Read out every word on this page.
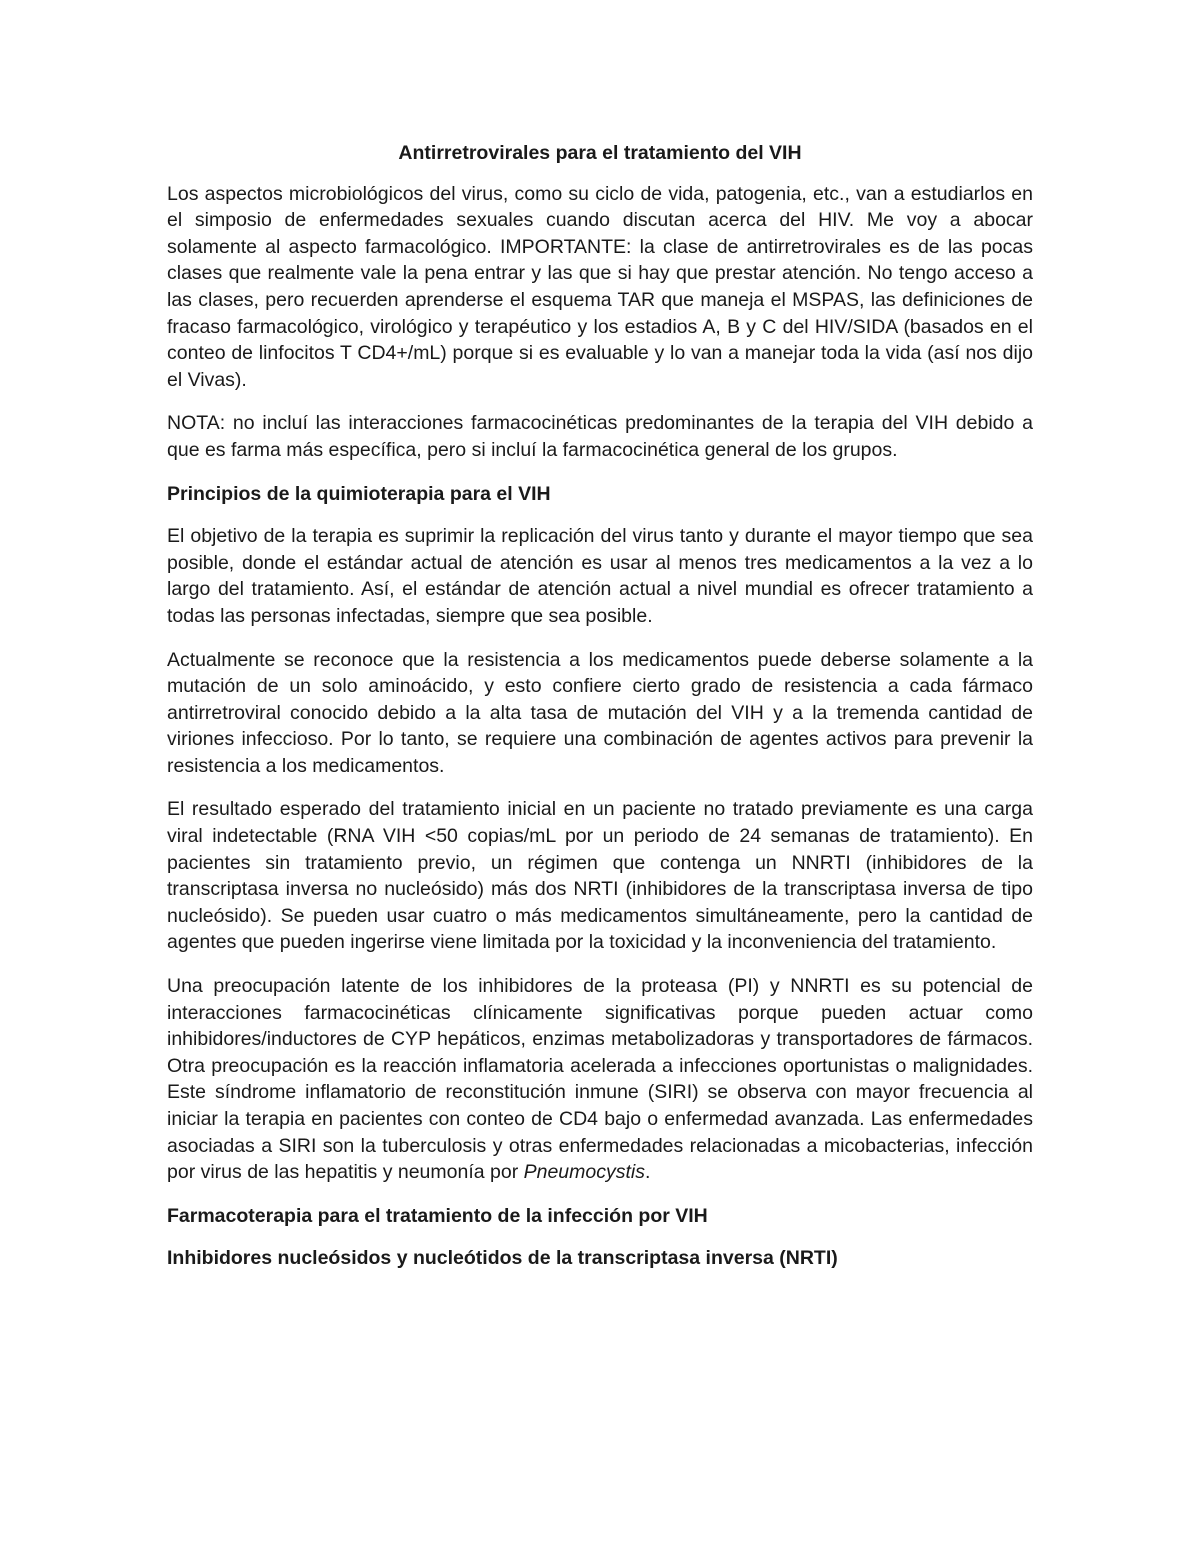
Antirretrovirales para el tratamiento del VIH

Los aspectos microbiológicos del virus, como su ciclo de vida, patogenia, etc., van a estudiarlos en el simposio de enfermedades sexuales cuando discutan acerca del HIV. Me voy a abocar solamente al aspecto farmacológico. IMPORTANTE: la clase de antirretrovirales es de las pocas clases que realmente vale la pena entrar y las que si hay que prestar atención. No tengo acceso a las clases, pero recuerden aprenderse el esquema TAR que maneja el MSPAS, las definiciones de fracaso farmacológico, virológico y terapéutico y los estadios A, B y C del HIV/SIDA (basados en el conteo de linfocitos T CD4+/mL) porque si es evaluable y lo van a manejar toda la vida (así nos dijo el Vivas).

NOTA: no incluí las interacciones farmacocinéticas predominantes de la terapia del VIH debido a que es farma más específica, pero si incluí la farmacocinética general de los grupos.

Principios de la quimioterapia para el VIH

El objetivo de la terapia es suprimir la replicación del virus tanto y durante el mayor tiempo que sea posible, donde el estándar actual de atención es usar al menos tres medicamentos a la vez a lo largo del tratamiento. Así, el estándar de atención actual a nivel mundial es ofrecer tratamiento a todas las personas infectadas, siempre que sea posible.

Actualmente se reconoce que la resistencia a los medicamentos puede deberse solamente a la mutación de un solo aminoácido, y esto confiere cierto grado de resistencia a cada fármaco antirretroviral conocido debido a la alta tasa de mutación del VIH y a la tremenda cantidad de viriones infeccioso. Por lo tanto, se requiere una combinación de agentes activos para prevenir la resistencia a los medicamentos.

El resultado esperado del tratamiento inicial en un paciente no tratado previamente es una carga viral indetectable (RNA VIH <50 copias/mL por un periodo de 24 semanas de tratamiento). En pacientes sin tratamiento previo, un régimen que contenga un NNRTI (inhibidores de la transcriptasa inversa no nucleósido) más dos NRTI (inhibidores de la transcriptasa inversa de tipo nucleósido). Se pueden usar cuatro o más medicamentos simultáneamente, pero la cantidad de agentes que pueden ingerirse viene limitada por la toxicidad y la inconveniencia del tratamiento.

Una preocupación latente de los inhibidores de la proteasa (PI) y NNRTI es su potencial de interacciones farmacocinéticas clínicamente significativas porque pueden actuar como inhibidores/inductores de CYP hepáticos, enzimas metabolizadoras y transportadores de fármacos. Otra preocupación es la reacción inflamatoria acelerada a infecciones oportunistas o malignidades. Este síndrome inflamatorio de reconstitución inmune (SIRI) se observa con mayor frecuencia al iniciar la terapia en pacientes con conteo de CD4 bajo o enfermedad avanzada. Las enfermedades asociadas a SIRI son la tuberculosis y otras enfermedades relacionadas a micobacterias, infección por virus de las hepatitis y neumonía por Pneumocystis.

Farmacoterapia para el tratamiento de la infección por VIH

Inhibidores nucleósidos y nucleótidos de la transcriptasa inversa (NRTI)
